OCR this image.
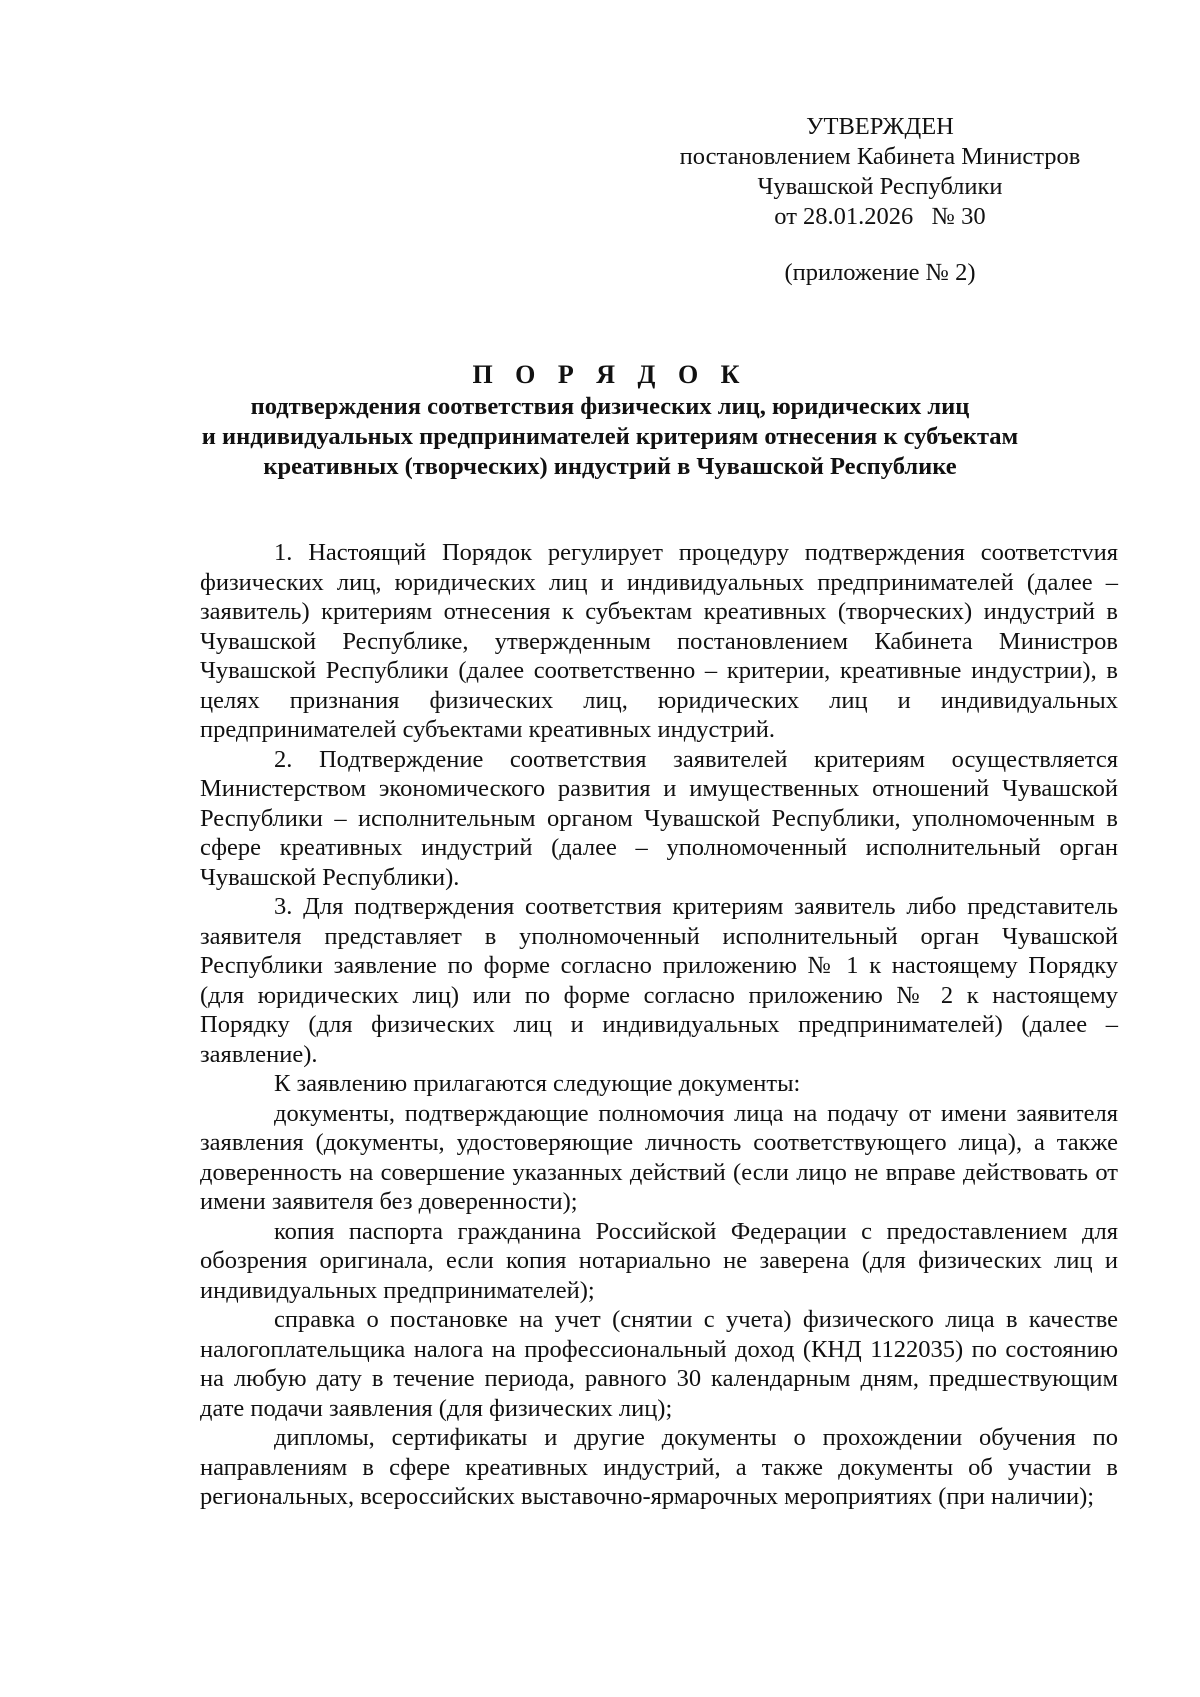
УТВЕРЖДЕН
постановлением Кабинета Министров
Чувашской Республики
от 28.01.2026   № 30
(приложение № 2)
П О Р Я Д О К
подтверждения соответствия физических лиц, юридических лиц
и индивидуальных предпринимателей критериям отнесения к субъектам
креативных (творческих) индустрий в Чувашской Республике

1. Настоящий Порядок регулирует процедуру подтверждения соответстvия физических лиц, юридических лиц и индивидуальных предпринимателей (далее – заявитель) критериям отнесения к субъектам креативных (творческих) индустрий в Чувашской Республике, утвержденным постановлением Кабинета Министров Чувашской Республики (далее соответственно – критерии, креативные индустрии), в целях признания физических лиц, юридических лиц и индивидуальных предпринимателей субъектами креативных индустрий.

2. Подтверждение соответствия заявителей критериям осуществляется Министерством экономического развития и имущественных отношений Чувашской Республики – исполнительным органом Чувашской Республики, уполномоченным в сфере креативных индустрий (далее – уполномоченный исполнительный орган Чувашской Республики).

3. Для подтверждения соответствия критериям заявитель либо представитель заявителя представляет в уполномоченный исполнительный орган Чувашской Республики заявление по форме согласно приложению № 1 к настоящему Порядку (для юридических лиц) или по форме согласно приложению № 2 к настоящему Порядку (для физических лиц и индивидуальных предпринимателей) (далее – заявление).

К заявлению прилагаются следующие документы:

документы, подтверждающие полномочия лица на подачу от имени заявителя заявления (документы, удостоверяющие личность соответствующего лица), а также доверенность на совершение указанных действий (если лицо не вправе действовать от имени заявителя без доверенности);

копия паспорта гражданина Российской Федерации с предоставлением для обозрения оригинала, если копия нотариально не заверена (для физических лиц и индивидуальных предпринимателей);

справка о постановке на учет (снятии с учета) физического лица в качестве налогоплательщика налога на профессиональный доход (КНД 1122035) по состоянию на любую дату в течение периода, равного 30 календарным дням, предшествующим дате подачи заявления (для физических лиц);

дипломы, сертификаты и другие документы о прохождении обучения по направлениям в сфере креативных индустрий, а также документы об участии в региональных, всероссийских выставочно-ярмарочных мероприятиях (при наличии);
